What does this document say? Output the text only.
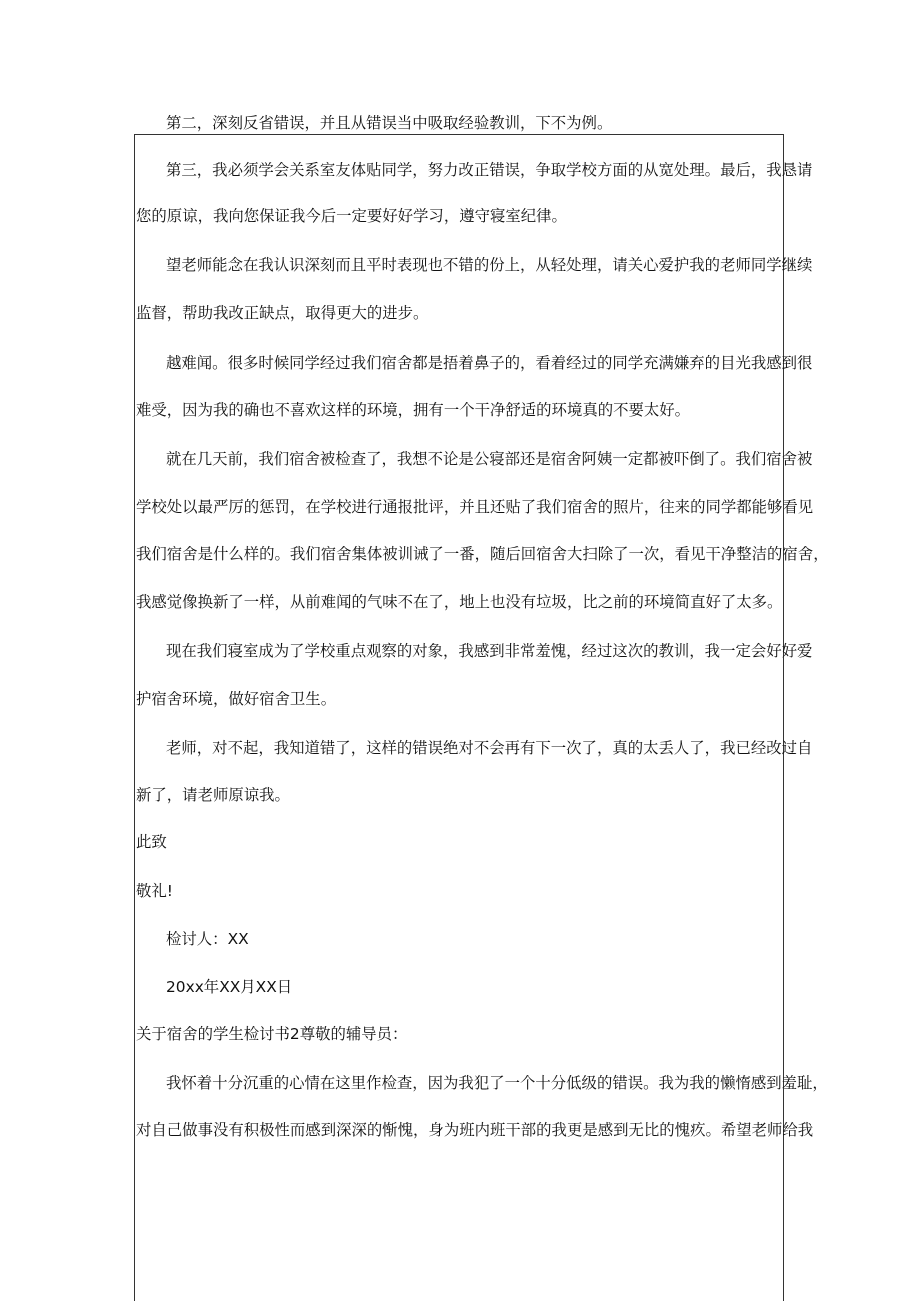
第二，深刻反省错误，并且从错误当中吸取经验教训，下不为例。
第三，我必须学会关系室友体贴同学，努力改正错误，争取学校方面的从宽处理。最后，我恳请
您的原谅，我向您保证我今后一定要好好学习，遵守寝室纪律。
望老师能念在我认识深刻而且平时表现也不错的份上，从轻处理，请关心爱护我的老师同学继续
监督，帮助我改正缺点，取得更大的进步。
越难闻。很多时候同学经过我们宿舍都是捂着鼻子的，看着经过的同学充满嫌弃的目光我感到很
难受，因为我的确也不喜欢这样的环境，拥有一个干净舒适的环境真的不要太好。
就在几天前，我们宿舍被检查了，我想不论是公寝部还是宿舍阿姨一定都被吓倒了。我们宿舍被
学校处以最严厉的惩罚，在学校进行通报批评，并且还贴了我们宿舍的照片，往来的同学都能够看见
我们宿舍是什么样的。我们宿舍集体被训诫了一番，随后回宿舍大扫除了一次，看见干净整洁的宿舍，
我感觉像换新了一样，从前难闻的气味不在了，地上也没有垃圾，比之前的环境简直好了太多。
现在我们寝室成为了学校重点观察的对象，我感到非常羞愧，经过这次的教训，我一定会好好爱
护宿舍环境，做好宿舍卫生。
老师，对不起，我知道错了，这样的错误绝对不会再有下一次了，真的太丢人了，我已经改过自
新了，请老师原谅我。
此致
敬礼!
检讨人：XX
20xx年XX月XX日
关于宿舍的学生检讨书2尊敬的辅导员：
我怀着十分沉重的心情在这里作检查，因为我犯了一个十分低级的错误。我为我的懒惰感到羞耻，
对自己做事没有积极性而感到深深的惭愧，身为班内班干部的我更是感到无比的愧疚。希望老师给我
